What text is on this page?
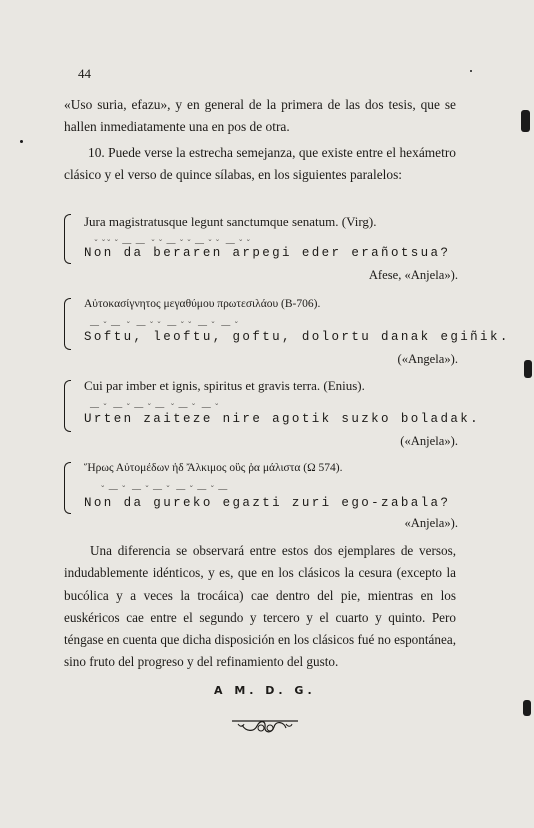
44
«Uso suria, efazu», y en general de la primera de las dos tesis, que se hallen inmediatamente una en pos de otra.
10. Puede verse la estrecha semejanza, que existe entre el hexámetro clásico y el verso de quince sílabas, en los siguientes paralelos:
Jura magistratusque legunt sanctumque senatum. (Virg).
˘  ˘ ˘  ˘  —  —   ˘  ˘  —  ˘  ˘  —  ˘  ˘   —  ˘  ˘
Non da beraren arpegi eder erañotsua?
Afese, «Anjela»).
Αὐτοκασίγνητος μεγαθύμου πρωτεσιλάου (B-706).
—  ˘  —   ˘   —  ˘  ˘   —  ˘  ˘   —  ˘   —  ˘
Softu, leoftu, goftu, dolortu danak egiñik.
(«Angela»).
Cui par imber et ignis, spiritus et gravis terra. (Enius).
—  ˘   —  ˘  —  ˘  —   ˘  —  ˘   —  ˘
Urten zaiteze nire agotik suzko boladak.
(«Anjela»).
Ἥρως Αὐτομέδων ἠδ Ἄλκιμος οὓς ῥα μάλιστα (Ω 574).
˘  —  ˘   —  ˘  —  ˘   —  ˘  —  ˘  —
Non da gureko egazti zuri ego-zabala?
«Anjela»).
Una diferencia se observará entre estos dos ejemplares de versos, indudablemente idénticos, y es, que en los clásicos la cesura (excepto la bucólica y a veces la trocáica) cae dentro del pie, mientras en los euskéricos cae entre el segundo y tercero y el cuarto y quinto. Pero téngase en cuenta que dicha disposición en los clásicos fué no espontánea, sino fruto del progreso y del refinamiento del gusto.
A M. D. G.
